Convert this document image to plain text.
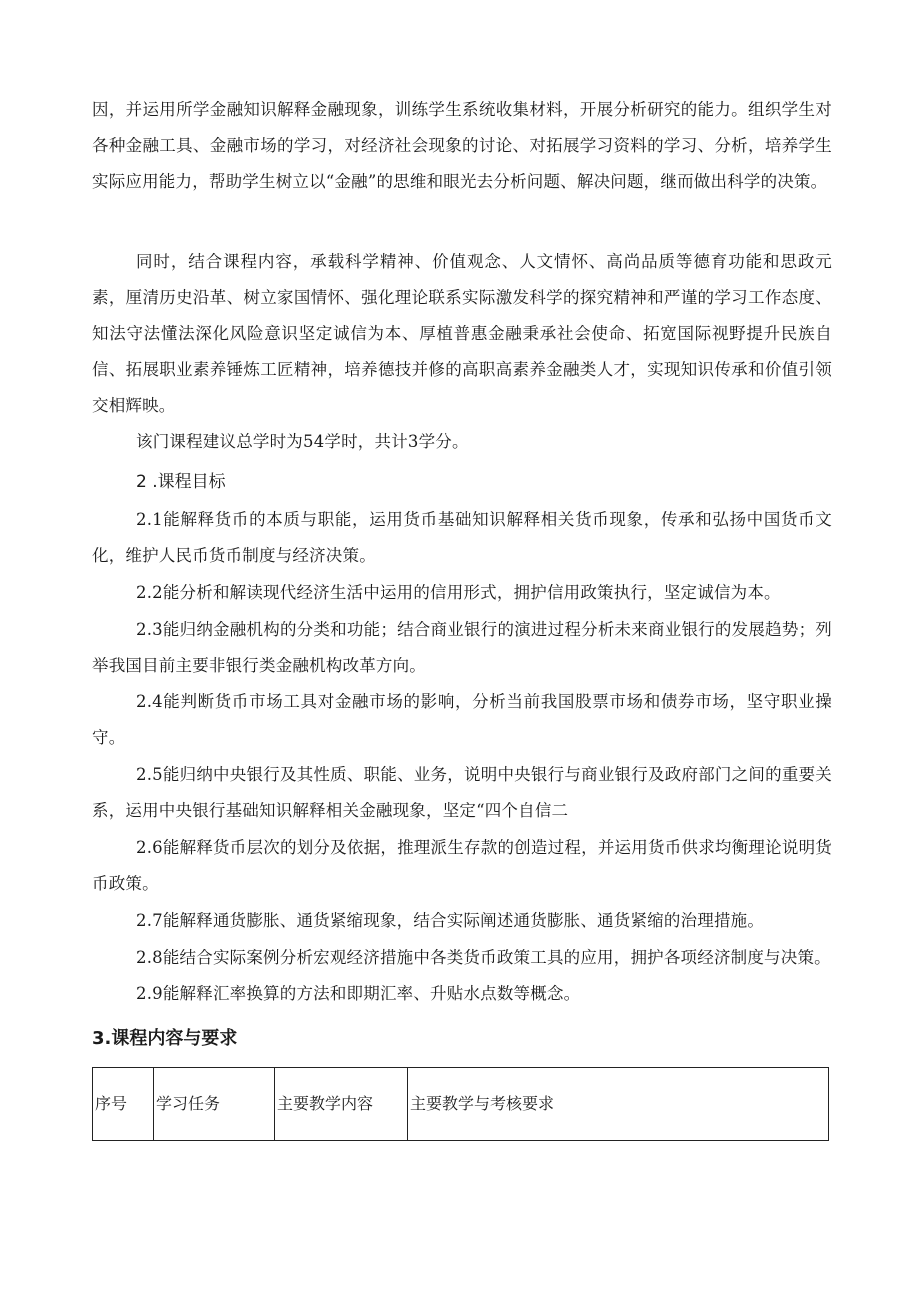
因，并运用所学金融知识解释金融现象，训练学生系统收集材料，开展分析研究的能力。组织学生对各种金融工具、金融市场的学习，对经济社会现象的讨论、对拓展学习资料的学习、分析，培养学生实际应用能力，帮助学生树立以“金融”的思维和眼光去分析问题、解决问题，继而做出科学的决策。

同时，结合课程内容，承载科学精神、价值观念、人文情怀、高尚品质等德育功能和思政元素，厘清历史沿革、树立家国情怀、强化理论联系实际激发科学的探究精神和严谨的学习工作态度、知法守法懂法深化风险意识坚定诚信为本、厚植普惠金融秉承社会使命、拓宽国际视野提升民族自信、拓展职业素养锤炼工匠精神，培养德技并修的高职高素养金融类人才，实现知识传承和价值引领交相辉映。

该门课程建议总学时为54学时，共计3学分。

2 .课程目标

2.1能解释货币的本质与职能，运用货币基础知识解释相关货币现象，传承和弘扬中国货币文化，维护人民币货币制度与经济决策。

2.2能分析和解读现代经济生活中运用的信用形式，拥护信用政策执行，坚定诚信为本。

2.3能归纳金融机构的分类和功能；结合商业银行的演进过程分析未来商业银行的发展趋势；列举我国目前主要非银行类金融机构改革方向。

2.4能判断货币市场工具对金融市场的影响，分析当前我国股票市场和债券市场，坚守职业操守。

2.5能归纳中央银行及其性质、职能、业务，说明中央银行与商业银行及政府部门之间的重要关系，运用中央银行基础知识解释相关金融现象，坚定“四个自信二

2.6能解释货币层次的划分及依据，推理派生存款的创造过程，并运用货币供求均衡理论说明货币政策。

2.7能解释通货膨胀、通货紧缩现象，结合实际阐述通货膨胀、通货紧缩的治理措施。

2.8能结合实际案例分析宏观经济措施中各类货币政策工具的应用，拥护各项经济制度与决策。

2.9能解释汇率换算的方法和即期汇率、升贴水点数等概念。

3.课程内容与要求
序号	学习任务	主要教学内容	主要教学与考核要求
